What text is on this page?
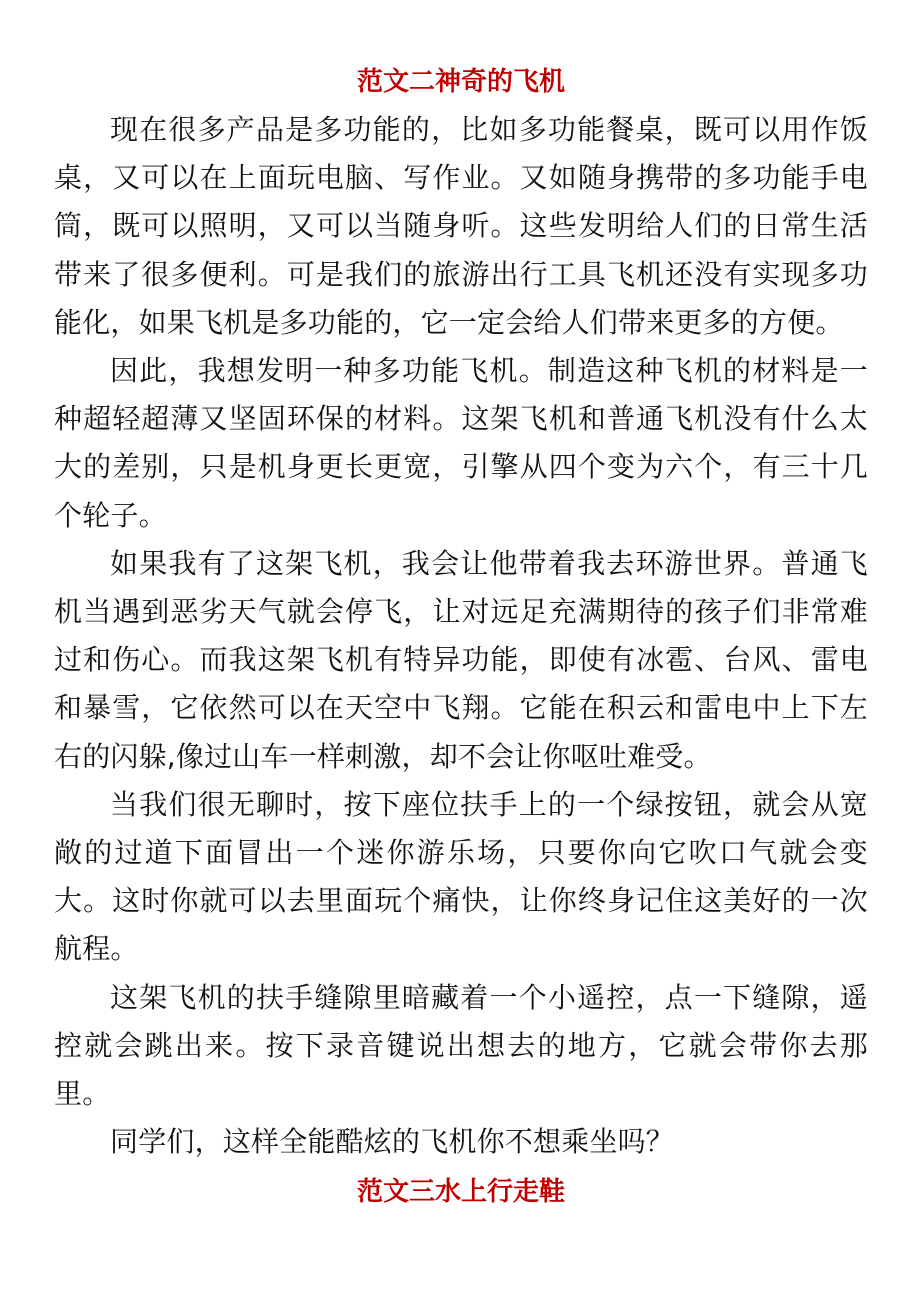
范文二神奇的飞机

现在很多产品是多功能的，比如多功能餐桌，既可以用作饭桌，又可以在上面玩电脑、写作业。又如随身携带的多功能手电筒，既可以照明，又可以当随身听。这些发明给人们的日常生活带来了很多便利。可是我们的旅游出行工具飞机还没有实现多功能化，如果飞机是多功能的，它一定会给人们带来更多的方便。

因此，我想发明一种多功能飞机。制造这种飞机的材料是一种超轻超薄又坚固环保的材料。这架飞机和普通飞机没有什么太大的差别，只是机身更长更宽，引擎从四个变为六个，有三十几个轮子。

如果我有了这架飞机，我会让他带着我去环游世界。普通飞机当遇到恶劣天气就会停飞，让对远足充满期待的孩子们非常难过和伤心。而我这架飞机有特异功能，即使有冰雹、台风、雷电和暴雪，它依然可以在天空中飞翔。它能在积云和雷电中上下左右的闪躲,像过山车一样刺激，却不会让你呕吐难受。

当我们很无聊时，按下座位扶手上的一个绿按钮，就会从宽敞的过道下面冒出一个迷你游乐场，只要你向它吹口气就会变大。这时你就可以去里面玩个痛快，让你终身记住这美好的一次航程。

这架飞机的扶手缝隙里暗藏着一个小遥控，点一下缝隙，遥控就会跳出来。按下录音键说出想去的地方，它就会带你去那里。

同学们，这样全能酷炫的飞机你不想乘坐吗？

范文三水上行走鞋
